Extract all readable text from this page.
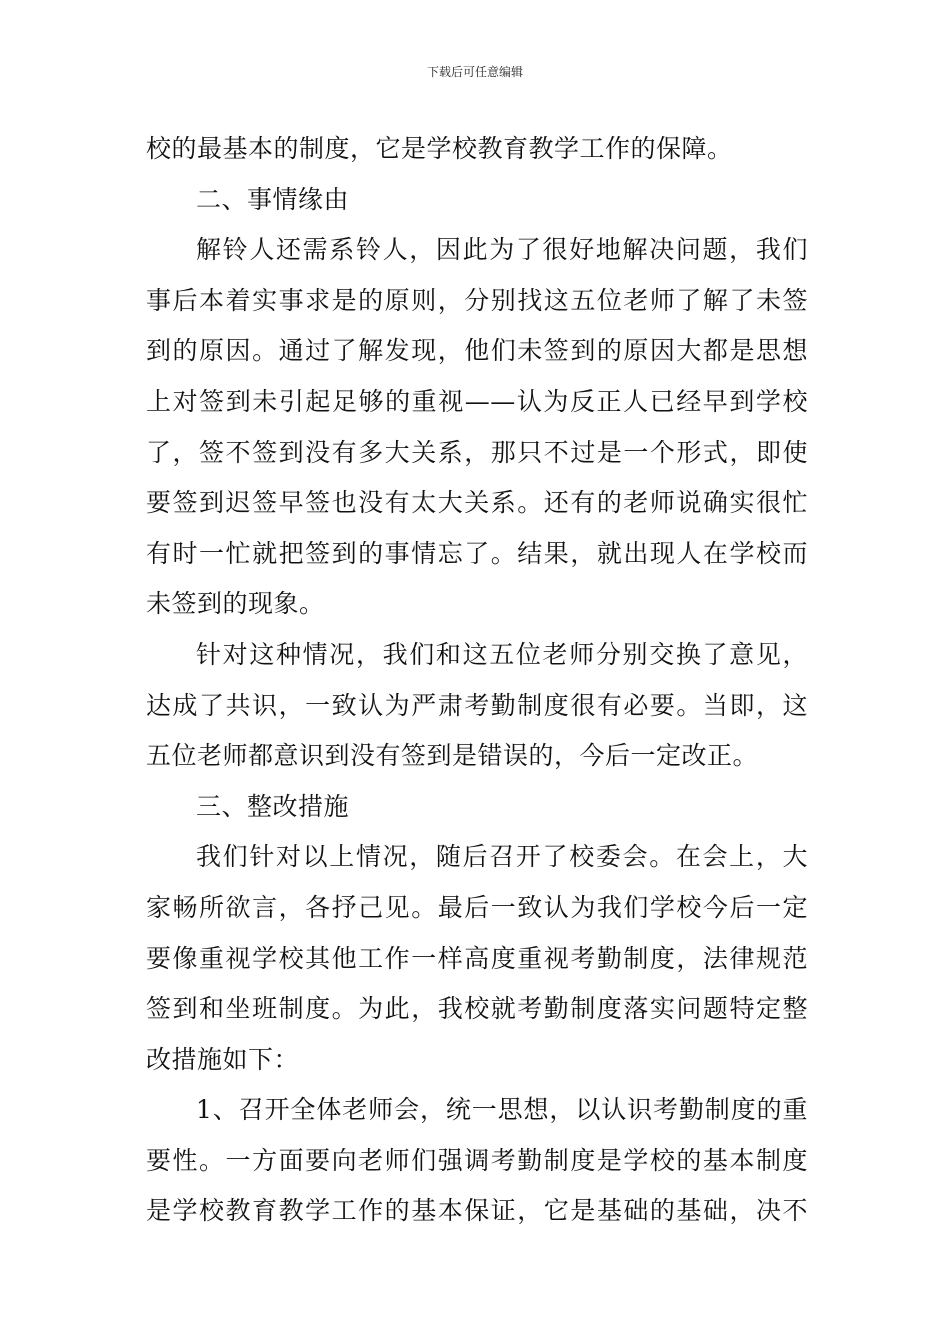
下载后可任意编辑
校的最基本的制度，它是学校教育教学工作的保障。
二、事情缘由
解铃人还需系铃人，因此为了很好地解决问题，我们
事后本着实事求是的原则，分别找这五位老师了解了未签
到的原因。通过了解发现，他们未签到的原因大都是思想
上对签到未引起足够的重视——认为反正人已经早到学校
了，签不签到没有多大关系，那只不过是一个形式，即使
要签到迟签早签也没有太大关系。还有的老师说确实很忙
有时一忙就把签到的事情忘了。结果，就出现人在学校而
未签到的现象。
针对这种情况，我们和这五位老师分别交换了意见，
达成了共识，一致认为严肃考勤制度很有必要。当即，这
五位老师都意识到没有签到是错误的，今后一定改正。
三、整改措施
我们针对以上情况，随后召开了校委会。在会上，大
家畅所欲言，各抒己见。最后一致认为我们学校今后一定
要像重视学校其他工作一样高度重视考勤制度，法律规范
签到和坐班制度。为此，我校就考勤制度落实问题特定整
改措施如下：
1、召开全体老师会，统一思想，以认识考勤制度的重
要性。一方面要向老师们强调考勤制度是学校的基本制度
是学校教育教学工作的基本保证，它是基础的基础，决不
